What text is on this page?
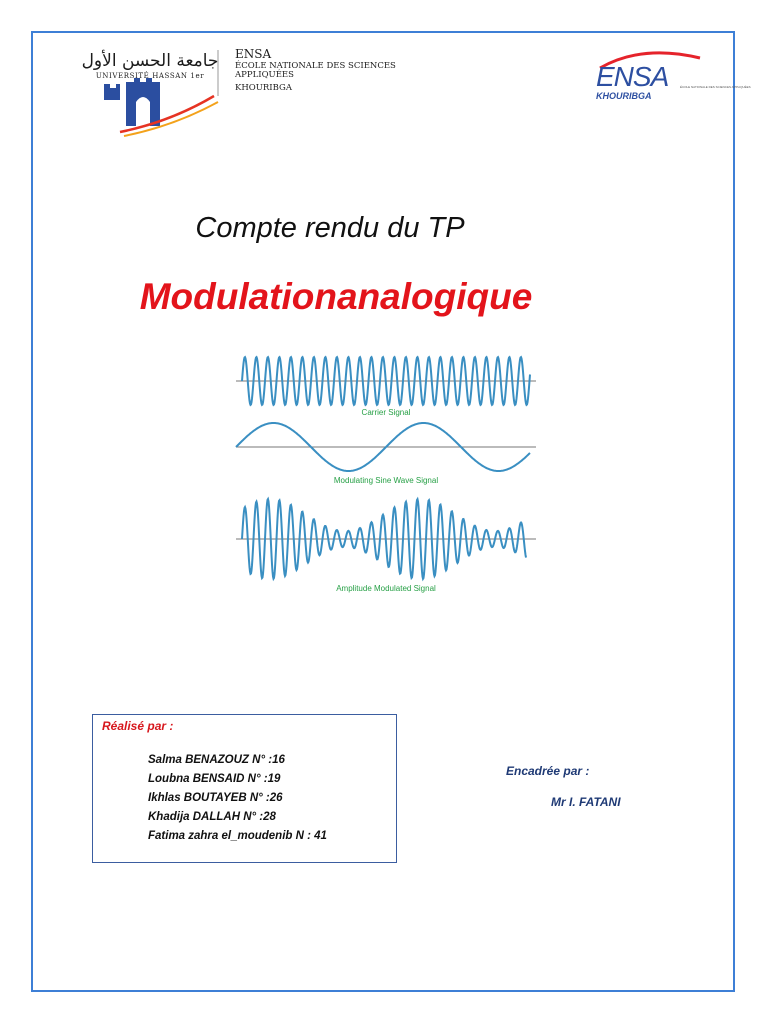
جامعة الحسن الأول
UNIVERSITÉ HASSAN 1er
ENSA
ÉCOLE NATIONALE DES SCIENCES
APPLIQUÉES
KHOURIBGA	ENSA
KHOURIBGA
ÉCOLE NATIONALE DES SCIENCES APPLIQUÉES
Compte rendu du TP
Modulationanalogique
Carrier Signal
Modulating Sine Wave Signal
Amplitude Modulated Signal
Réalisé par :
Salma BENAZOUZ N° :16
Loubna BENSAID N° :19
Ikhlas BOUTAYEB N° :26
Khadija DALLAH N° :28
Fatima zahra el_moudenib N : 41
Encadrée par :
Mr I. FATANI
